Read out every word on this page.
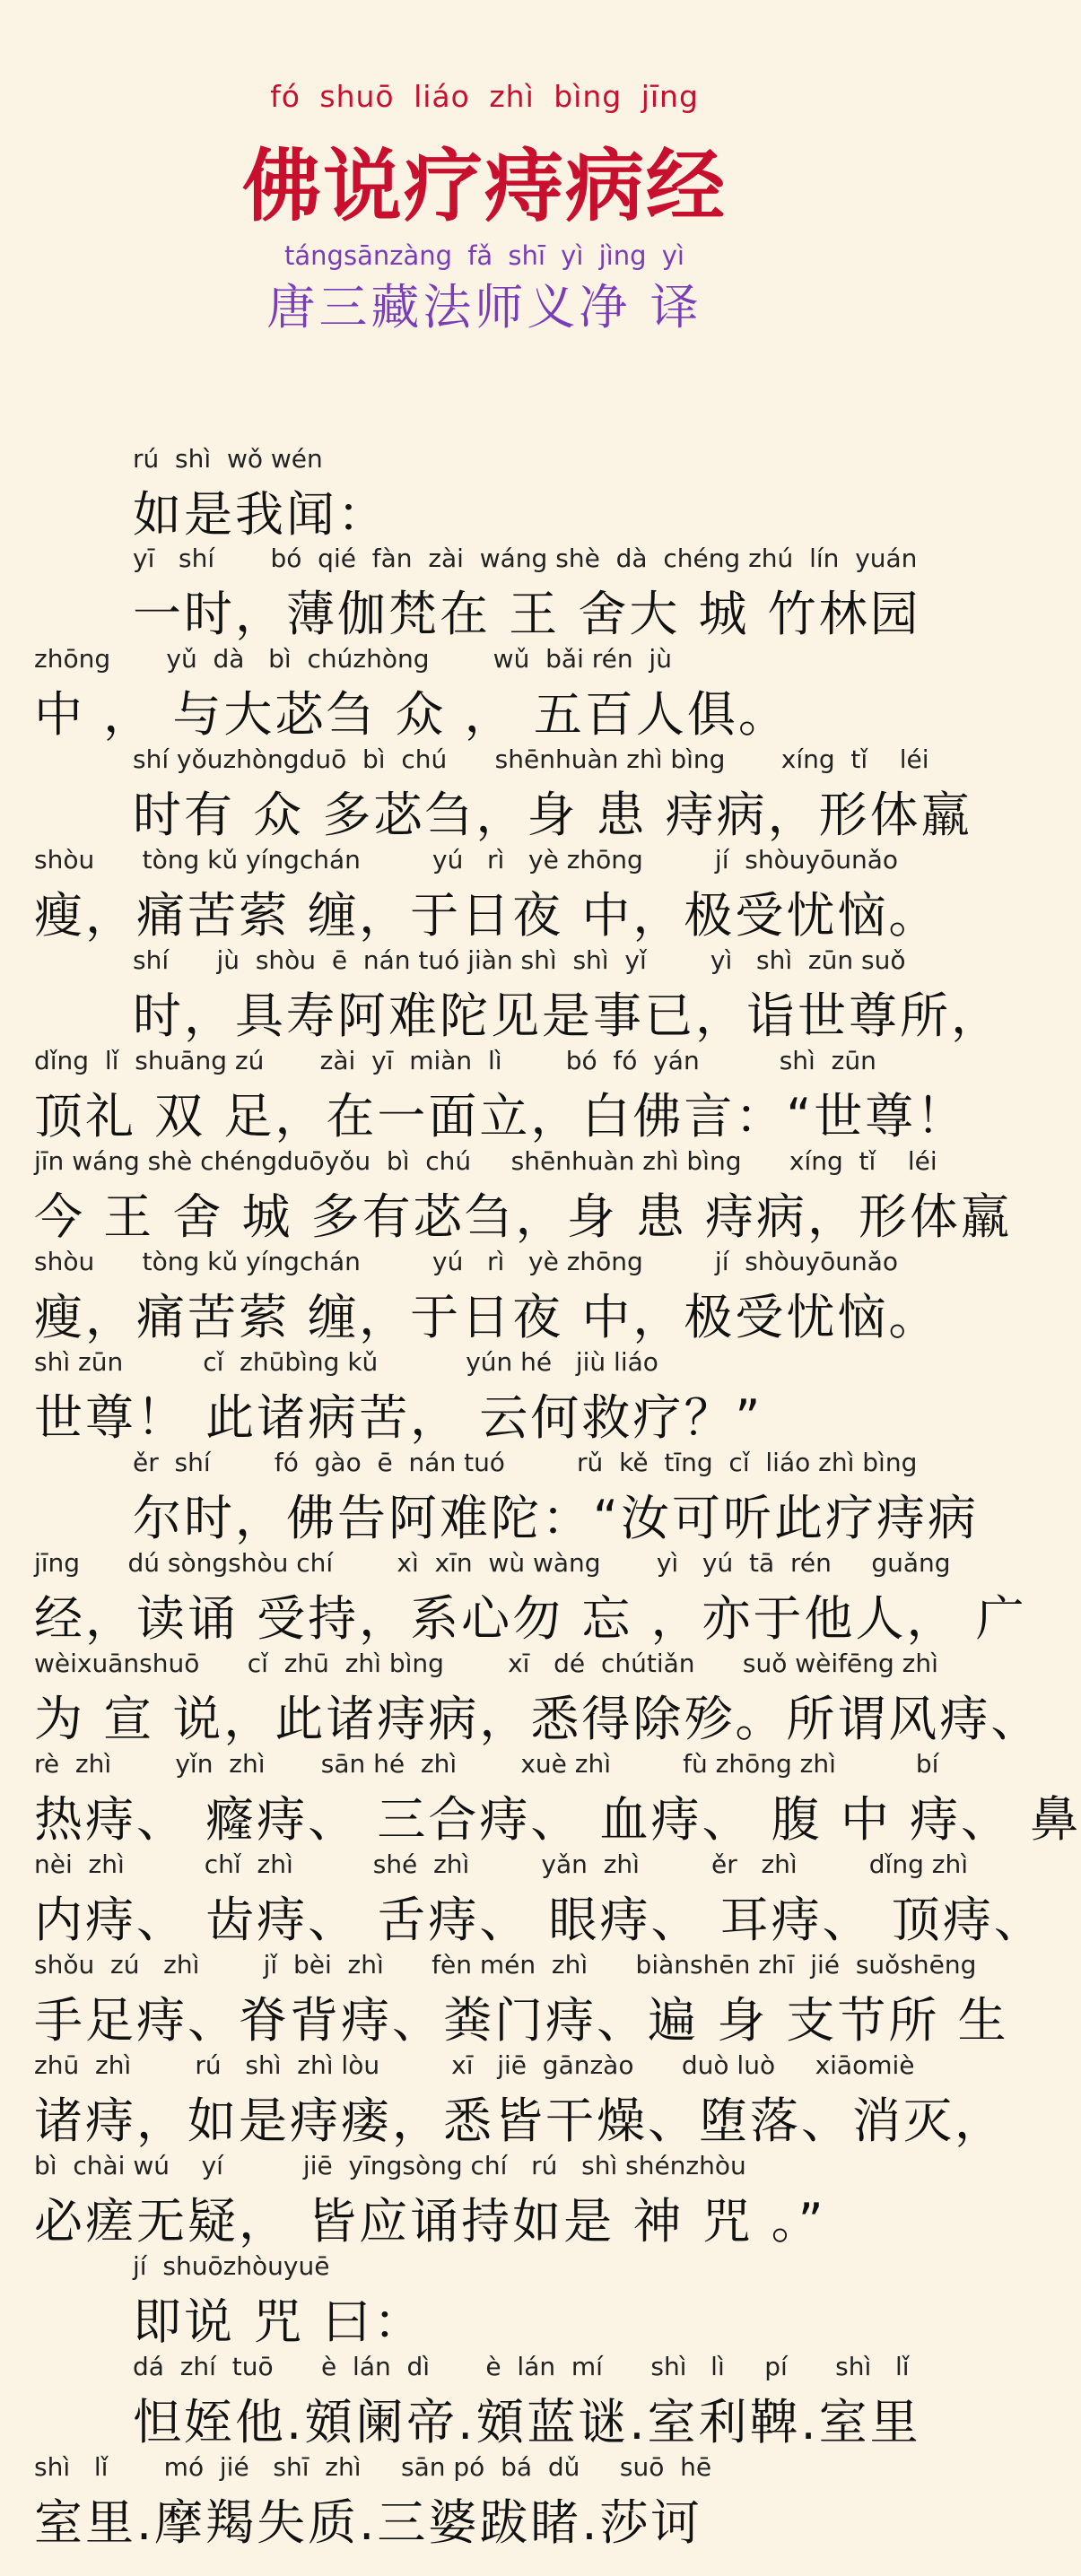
fó shuō liáo zhì bìng jīng
佛说疗痔病经
tángsānzàng fǎ shī yì jìng yì
唐三藏法师义净 译
rú  shì  wǒ wén
如是我闻：
yī   shí       bó  qié  fàn  zài  wáng shè  dà  chéng zhú  lín  yuán
一时，薄伽梵在 王 舍大 城 竹林园
zhōng       yǔ  dà   bì  chúzhòng        wǔ  bǎi rén  jù
中 ， 与大苾刍 众 ， 五百人俱。
shí yǒuzhòngduō  bì  chú      shēnhuàn zhì bìng       xíng  tǐ    léi
时有 众 多苾刍，身 患 痔病，形体羸
shòu      tòng kǔ yíngchán         yú   rì   yè zhōng         jí  shòuyōunǎo
瘦，痛苦萦 缠，于日夜 中，极受忧恼。
shí      jù  shòu  ē  nán tuó jiàn shì  shì  yǐ        yì   shì  zūn suǒ
时，具寿阿难陀见是事已，诣世尊所，
dǐng  lǐ  shuāng zú       zài  yī  miàn  lì        bó  fó  yán          shì  zūn
顶礼 双 足，在一面立，白佛言：“世尊！
jīn wáng shè chéngduōyǒu  bì  chú     shēnhuàn zhì bìng      xíng  tǐ    léi
今 王 舍 城 多有苾刍，身 患 痔病，形体羸
shòu      tòng kǔ yíngchán         yú   rì   yè zhōng         jí  shòuyōunǎo
瘦，痛苦萦 缠，于日夜 中，极受忧恼。
shì zūn          cǐ  zhūbìng kǔ           yún hé   jiù liáo
世尊！ 此诸病苦， 云何救疗？”
ěr  shí        fó  gào  ē  nán tuó         rǔ  kě  tīng  cǐ  liáo zhì bìng
尔时，佛告阿难陀：“汝可听此疗痔病
jīng      dú sòngshòu chí        xì  xīn  wù wàng       yì   yú  tā  rén     guǎng
经，读诵 受持，系心勿 忘 ，亦于他人， 广
wèixuānshuō      cǐ  zhū  zhì bìng        xī   dé  chútiǎn      suǒ wèifēng zhì
为 宣 说，此诸痔病，悉得除殄。所谓风痔、
rè  zhì        yǐn  zhì       sān hé  zhì        xuè zhì         fù zhōng zhì          bí
热痔、 癃痔、 三合痔、 血痔、 腹 中 痔、 鼻
nèi  zhì          chǐ  zhì          shé  zhì         yǎn  zhì         ěr   zhì         dǐng zhì
内痔、 齿痔、 舌痔、 眼痔、 耳痔、 顶痔、
shǒu  zú   zhì        jǐ  bèi  zhì      fèn mén  zhì      biànshēn zhī  jié  suǒshēng
手足痔、脊背痔、粪门痔、遍 身 支节所 生
zhū  zhì        rú   shì  zhì lòu         xī   jiē  gānzào      duò luò     xiāomiè
诸痔，如是痔瘘，悉皆干燥、堕落、消灭，
bì  chài wú    yí          jiē  yīngsòng chí   rú   shì shénzhòu
必瘥无疑， 皆应诵持如是 神 咒 。”
jí  shuōzhòuyuē
即说 咒 曰：
dá  zhí  tuō      è  lán  dì       è  lán  mí      shì   lì     pí      shì   lǐ
怛姪他.頞阑帝.頞蓝谜.室利鞞.室里
shì   lǐ       mó  jié   shī  zhì     sān pó  bá  dǔ     suō  hē
室里.摩羯失质.三婆跋睹.莎诃
